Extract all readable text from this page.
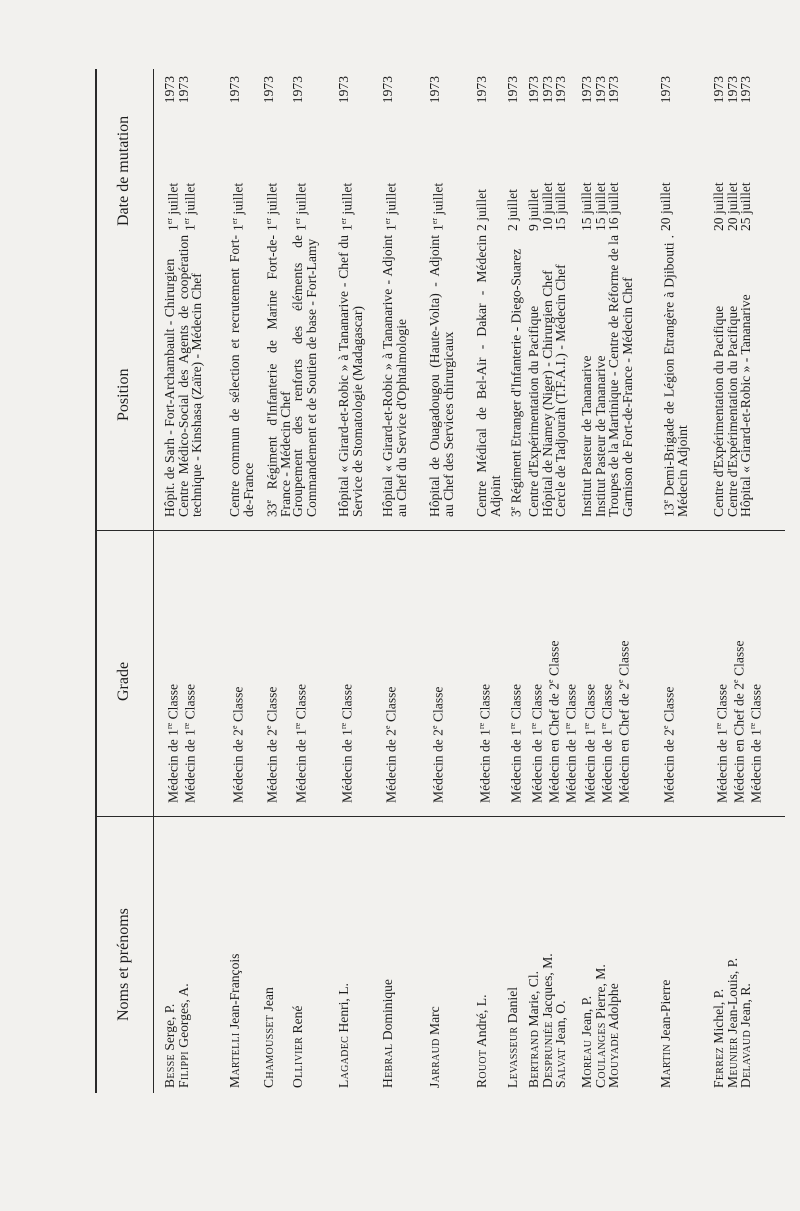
Noms et prénoms
Grade
Position
Date de mutation
Besse Serge, P.
Filippi Georges, A.
Médecin de 1re Classe
Médecin de 1re Classe
Hôpit. de Sarh - Fort-Archambault - Chirurgien
Centre Médico-Social des Agents de coopération technique - Kinshasa (Zaïre) - Médecin Chef
1er juillet
1er juillet
1973
1973
Martelli Jean-François
Médecin de 2e Classe
Centre commun de sélection et recrutement Fort-de-France
1er juillet
1973
Chamousset Jean
Médecin de 2e Classe
33e Régiment d'Infanterie de Marine Fort-de-France - Médecin Chef
1er juillet
1973
Ollivier René
Médecin de 1re Classe
Groupement des renforts des éléments de Commandement et de Soutien de base - Fort-Lamy
1er juillet
1973
Lagadec Henri, L.
Médecin de 1re Classe
Hôpital « Girard-et-Robic » à Tananarive - Chef du Service de Stomatologie (Madagascar)
1er juillet
1973
Hebral Dominique
Médecin de 2e Classe
Hôpital « Girard-et-Robic » à Tananarive - Adjoint au Chef du Service d'Ophtalmologie
1er juillet
1973
Jarraud Marc
Médecin de 2e Classe
Hôpital de Ouagadougou (Haute-Volta) - Adjoint au Chef des Services chirurgicaux
1er juillet
1973
Rouot André, L.
Médecin de 1re Classe
Centre Médical de Bel-Air - Dakar - Médecin Adjoint
2 juillet
1973
Levasseur Daniel
Médecin de 1re Classe
3e Régiment Etranger d'Infanterie - Diego-Suarez
2 juillet
1973
Bertrand Marie, Cl.
Despruniée Jacques, M.
Salvat Jean, O.
Médecin de 1re Classe Médecin en Chef de 2e Classe
Médecin de 1re Classe
Centre d'Expérimentation du Pacifique
Hôpital de Niamey (Niger) - Chirurgien Chef
Cercle de Tadjourah (T.F.A.I.) - Médecin Chef
9 juillet
10 juillet
15 juillet
1973
1973
1973
Moreau Jean, P.
Coulanges Pierre, M.
Mouyade Adolphe
Médecin de 1re Classe
Médecin de 1re Classe Médecin en Chef de 2e Classe
Institut Pasteur de Tananarive
Institut Pasteur de Tananarive
Troupes de la Martinique - Centre de Réforme de la Garnison de Fort-de-France - Médecin Chef
15 juillet
15 juillet
16 juillet
1973
1973
1973
Martin Jean-Pierre
Médecin de 2e Classe
13e Demi-Brigade de Légion Etrangère à Djibouti . Médecin Adjoint
20 juillet
1973
Ferrez Michel, P.
Meunier Jean-Louis, P.
Delavaud Jean, R.
Médecin de 1re Classe Médecin en Chef de 2e Classe
Médecin de 1re Classe
Centre d'Expérimentation du Pacifique
Centre d'Expérimentation du Pacifique
Hôpital « Girard-et-Robic » - Tananarive
20 juillet
20 juillet
25 juillet
1973
1973
1973
